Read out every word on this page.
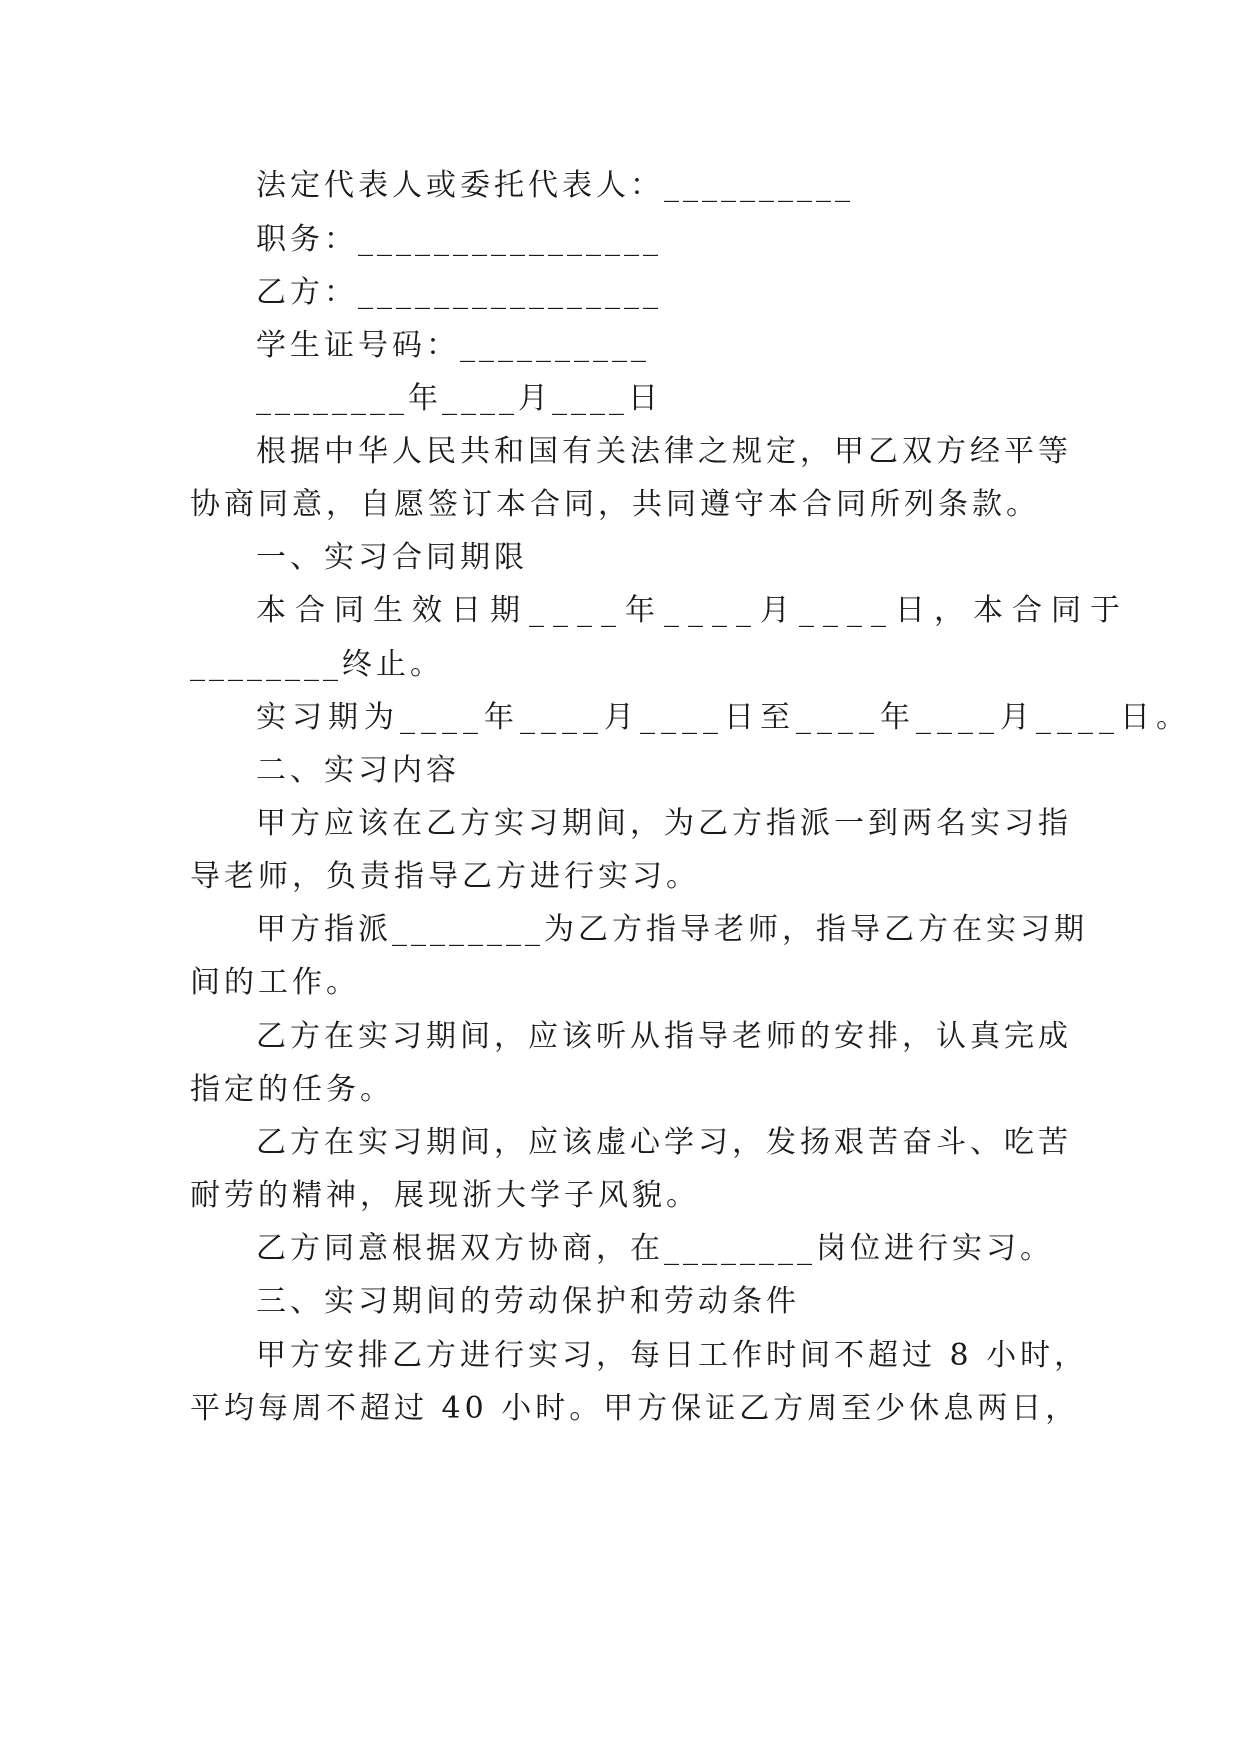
法定代表人或委托代表人：__________
职务：________________
乙方：________________
学生证号码：__________
________年____月____日
根据中华人民共和国有关法律之规定，甲乙双方经平等
协商同意，自愿签订本合同，共同遵守本合同所列条款。
一、实习合同期限
本合同生效日期____年____月____日，本合同于
________终止。
实习期为____年____月____日至____年____月____日。
二、实习内容
甲方应该在乙方实习期间，为乙方指派一到两名实习指
导老师，负责指导乙方进行实习。
甲方指派________为乙方指导老师，指导乙方在实习期
间的工作。
乙方在实习期间，应该听从指导老师的安排，认真完成
指定的任务。
乙方在实习期间，应该虚心学习，发扬艰苦奋斗、吃苦
耐劳的精神，展现浙大学子风貌。
乙方同意根据双方协商，在________岗位进行实习。
三、实习期间的劳动保护和劳动条件
甲方安排乙方进行实习，每日工作时间不超过 8 小时，
平均每周不超过 40 小时。甲方保证乙方周至少休息两日，
